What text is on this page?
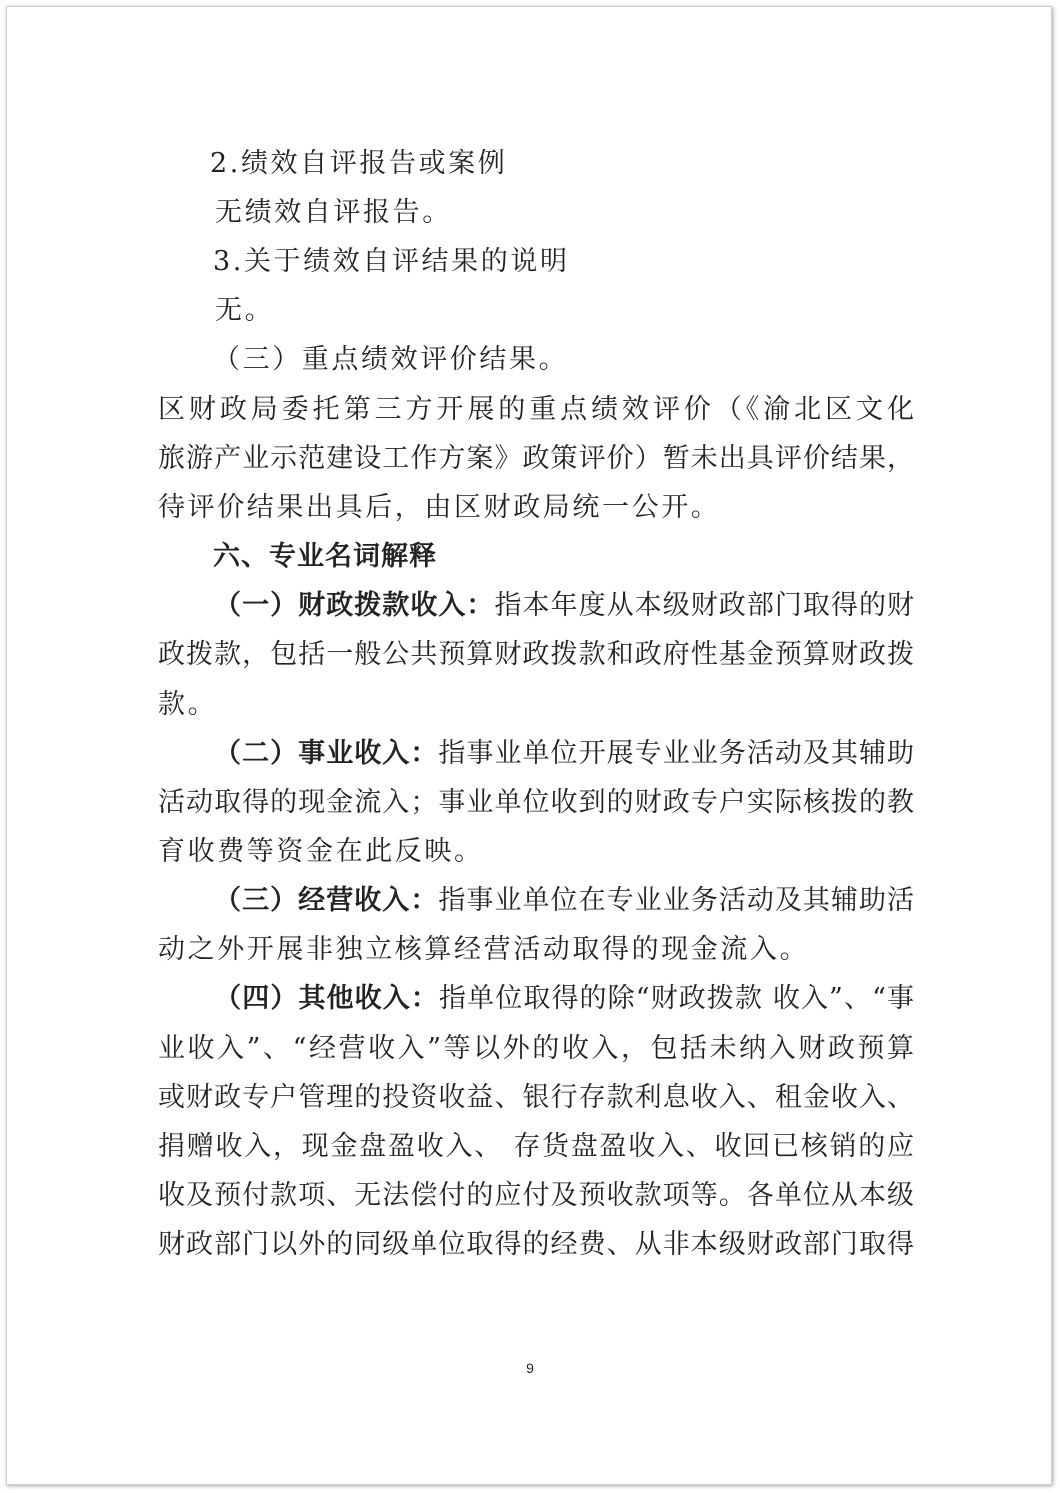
2.绩效自评报告或案例
无绩效自评报告。
3.关于绩效自评结果的说明
无。
（三）重点绩效评价结果。
区财政局委托第三方开展的重点绩效评价（《渝北区文化
旅游产业示范建设工作方案》政策评价）暂未出具评价结果，
待评价结果出具后，由区财政局统一公开。
六、专业名词解释
（一）财政拨款收入：指本年度从本级财政部门取得的财
政拨款，包括一般公共预算财政拨款和政府性基金预算财政拨
款。
（二）事业收入：指事业单位开展专业业务活动及其辅助
活动取得的现金流入；事业单位收到的财政专户实际核拨的教
育收费等资金在此反映。
（三）经营收入：指事业单位在专业业务活动及其辅助活
动之外开展非独立核算经营活动取得的现金流入。
（四）其他收入：指单位取得的除“财政拨款 收入”、“事
业收入”、“经营收入”等以外的收入，包括未纳入财政预算
或财政专户管理的投资收益、银行存款利息收入、租金收入、
捐赠收入，现金盘盈收入、 存货盘盈收入、收回已核销的应
收及预付款项、无法偿付的应付及预收款项等。各单位从本级
财政部门以外的同级单位取得的经费、从非本级财政部门取得
9
